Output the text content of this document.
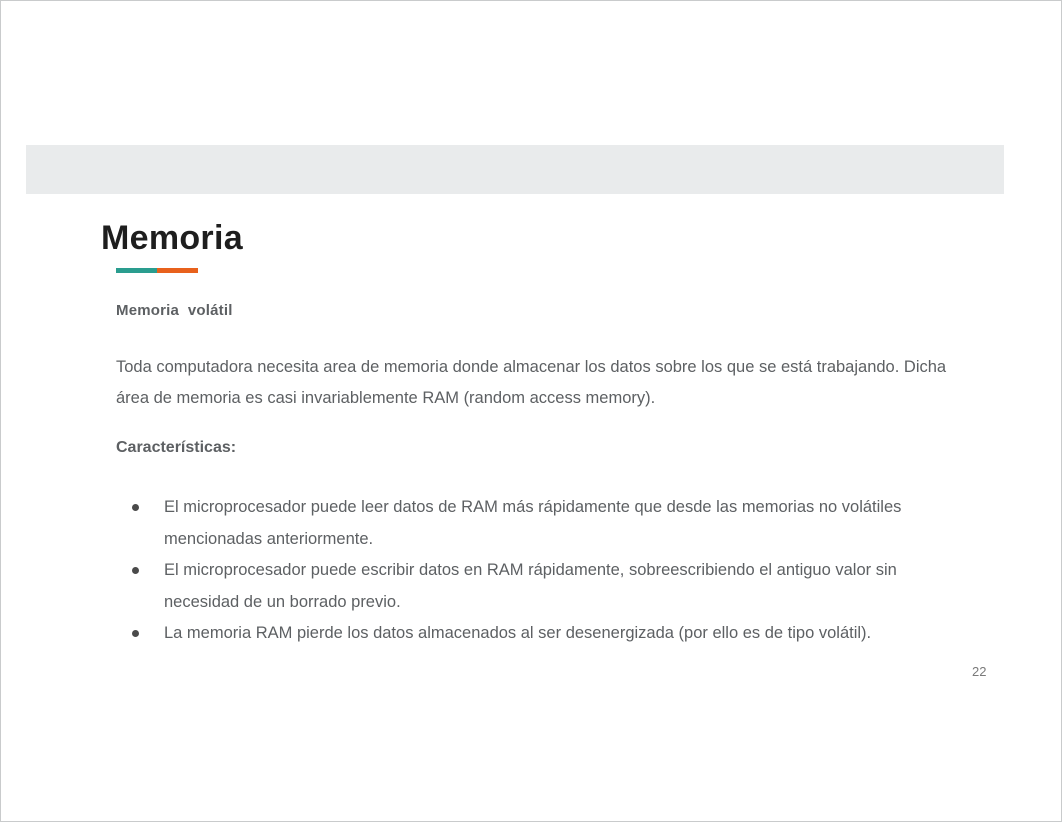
Memoria
Memoria  volátil

Toda computadora necesita area de memoria donde almacenar los datos sobre los que se está trabajando. Dicha área de memoria es casi invariablemente RAM (random access memory).

Características:
El microprocesador puede leer datos de RAM más rápidamente que desde las memorias no volátiles mencionadas anteriormente.
El microprocesador puede escribir datos en RAM rápidamente, sobreescribiendo el antiguo valor sin necesidad de un borrado previo.
La memoria RAM pierde los datos almacenados al ser desenergizada (por ello es de tipo volátil).
22
